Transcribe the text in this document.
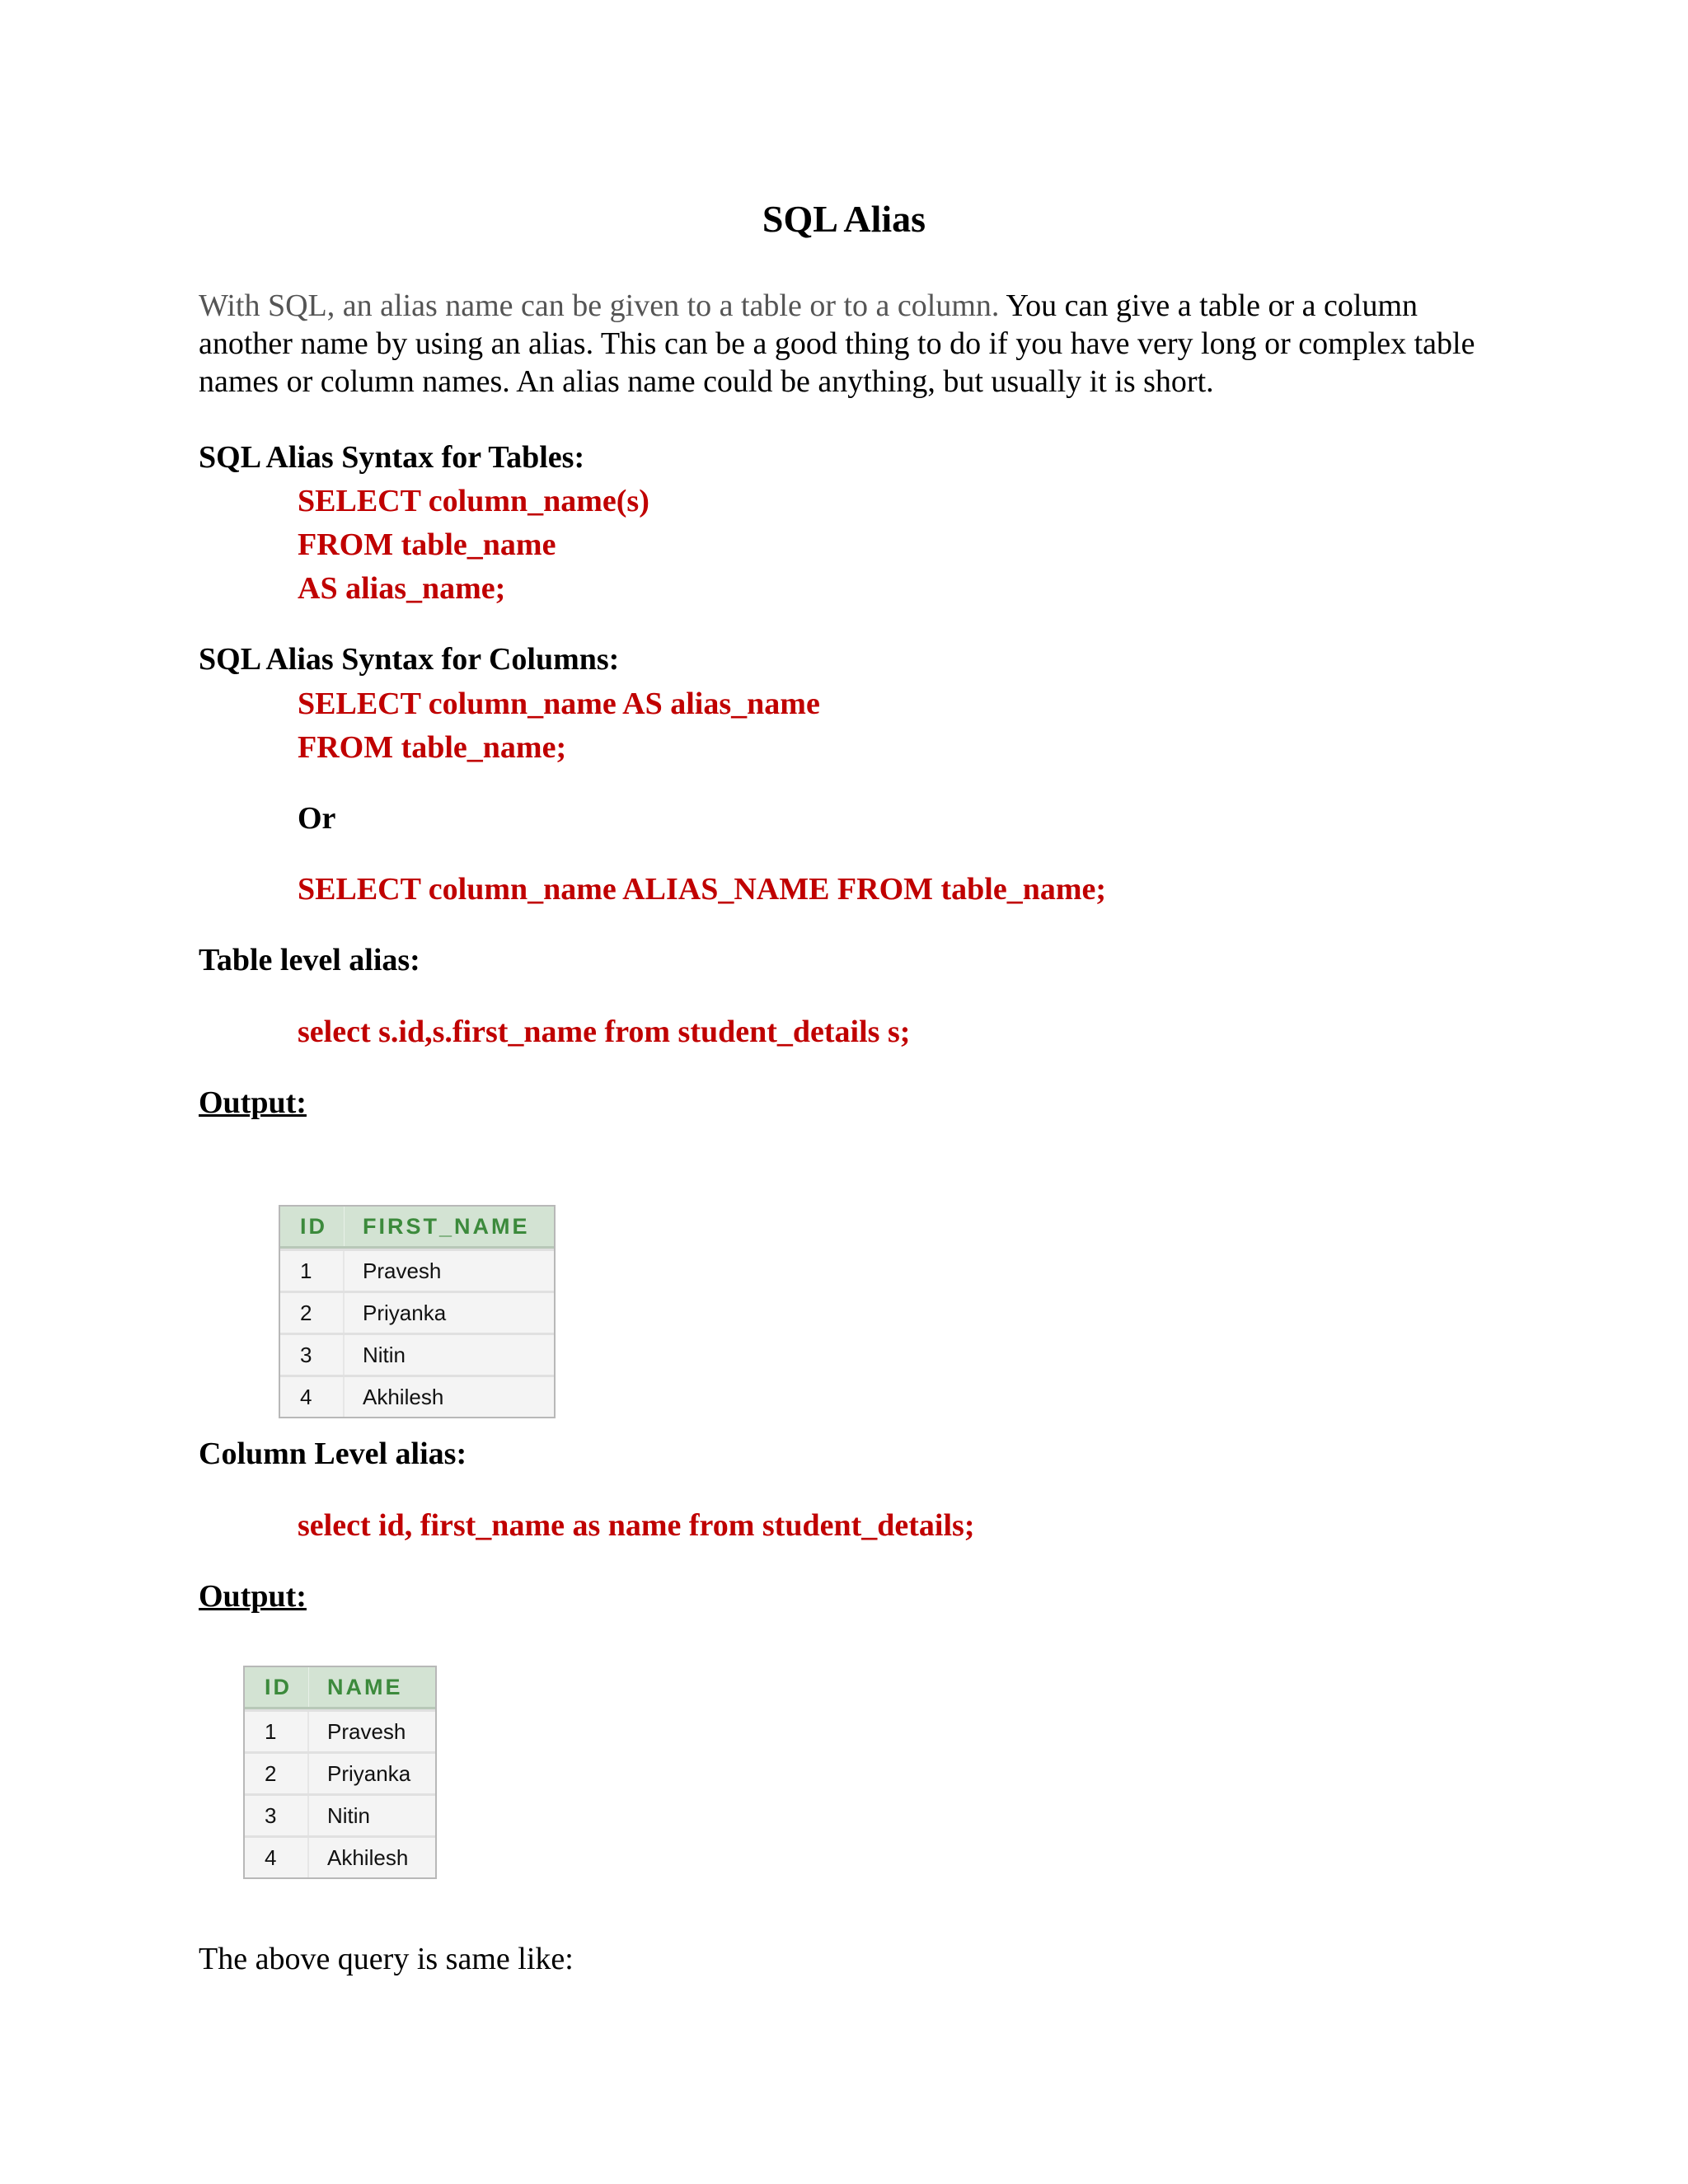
SQL Alias
With SQL, an alias name can be given to a table or to a column. You can give a table or a column another name by using an alias. This can be a good thing to do if you have very long or complex table names or column names. An alias name could be anything, but usually it is short.
SQL Alias Syntax for Tables:
SELECT column_name(s)
FROM table_name
AS alias_name;
SQL Alias Syntax for Columns:
SELECT column_name AS alias_name
FROM table_name;
Or
SELECT column_name ALIAS_NAME FROM table_name;
Table level alias:
select s.id,s.first_name from student_details s;
Output:
ID	FIRST_NAME
1	Pravesh
2	Priyanka
3	Nitin
4	Akhilesh
Column Level alias:
select id, first_name as name from student_details;
Output:
ID	NAME
1	Pravesh
2	Priyanka
3	Nitin
4	Akhilesh
The above query is same like:
